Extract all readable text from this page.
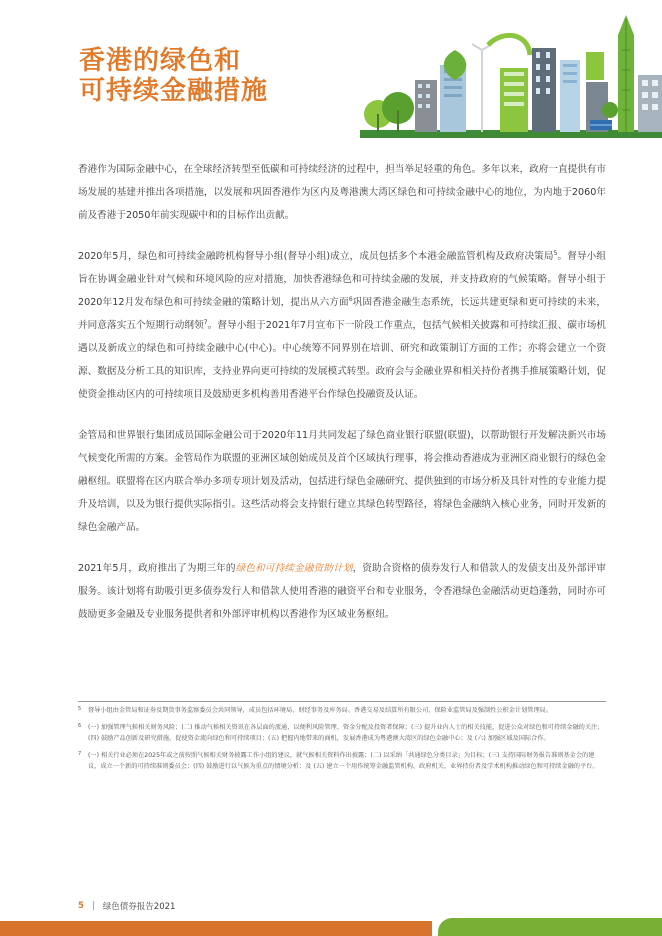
香港的绿色和
可持续金融措施

香港作为国际金融中心，在全球经济转型至低碳和可持续经济的过程中，担当举足轻重的角色。多年以来，政府一直提供有市场发展的基建并推出各项措施，以发展和巩固香港作为区内及粤港澳大湾区绿色和可持续金融中心的地位，为内地于2060年前及香港于2050年前实现碳中和的目标作出贡献。

2020年5月，绿色和可持续金融跨机构督导小组(督导小组)成立，成员包括多个本港金融监管机构及政府决策局$^5$。督导小组旨在协调金融业针对气候和环境风险的应对措施，加快香港绿色和可持续金融的发展，并支持政府的气候策略。督导小组于2020年12月发布绿色和可持续金融的策略计划，提出从六方面$^6$巩固香港金融生态系统，长远共建更绿和更可持续的未来，并同意落实五个短期行动纲领$^7$。督导小组于2021年7月宣布下一阶段工作重点，包括气候相关披露和可持续汇报、碳市场机遇以及新成立的绿色和可持续金融中心(中心)。中心统筹不同界别在培训、研究和政策制订方面的工作；亦将会建立一个资源、数据及分析工具的知识库，支持业界向更可持续的发展模式转型。政府会与金融业界和相关持份者携手推展策略计划，促使资金推动区内的可持续项目及鼓励更多机构善用香港平台作绿色投融资及认证。

金管局和世界银行集团成员国际金融公司于2020年11月共同发起了绿色商业银行联盟(联盟)，以帮助银行开发解决新兴市场气候变化所需的方案。金管局作为联盟的亚洲区域创始成员及首个区域执行理事，将会推动香港成为亚洲区商业银行的绿色金融枢纽。联盟将在区内联合举办多项专项计划及活动，包括进行绿色金融研究、提供独到的市场分析及具针对性的专业能力提升及培训，以及为银行提供实际指引。这些活动将会支持银行建立其绿色转型路径，将绿色金融纳入核心业务，同时开发新的绿色金融产品。

2021年5月，政府推出了为期三年的绿色和可持续金融资助计划，资助合资格的债券发行人和借款人的发债支出及外部评审服务。该计划将有助吸引更多债券发行人和借款人使用香港的融资平台和专业服务，令香港绿色金融活动更趋蓬勃，同时亦可鼓励更多金融及专业服务提供者和外部评审机构以香港作为区域业务枢纽。

5	督导小组由金管局和证券及期货事务监察委员会共同领导，成员包括环境局、财经事务及库务局、香港交易及结算所有限公司、保险业监管局及强制性公积金计划管理局。
6	(一) 加强管理气候相关财务风险；(二) 推动气候相关资讯在各层面的流通，以便利风险管理、资金分配及投资者保障；(三) 提升业内人士的相关技能，促进公众对绿色和可持续金融的关注；(四) 鼓励产品创新及研究措施，促使资金流向绿色和可持续项目；(五) 把握内地带来的商机，发展香港成为粤港澳大湾区的绿色金融中心；及 (六) 加强区域及国际合作。
7	(一) 相关行业必须在2025年或之前按照气候相关财务披露工作小组的建议，就气候相关资料作出披露；(二) 以采纳「共通绿色分类目录」为目标；(三) 支持国际财务报告准则基金会的建议，成立一个新的可持续准则委员会；(四) 鼓励进行以气候为重点的情境分析；及 (五) 建立一个用作统筹金融监管机构、政府机关、业界持份者及学术机构推动绿色和可持续金融的平台。
5 | 绿色债券报告2021
